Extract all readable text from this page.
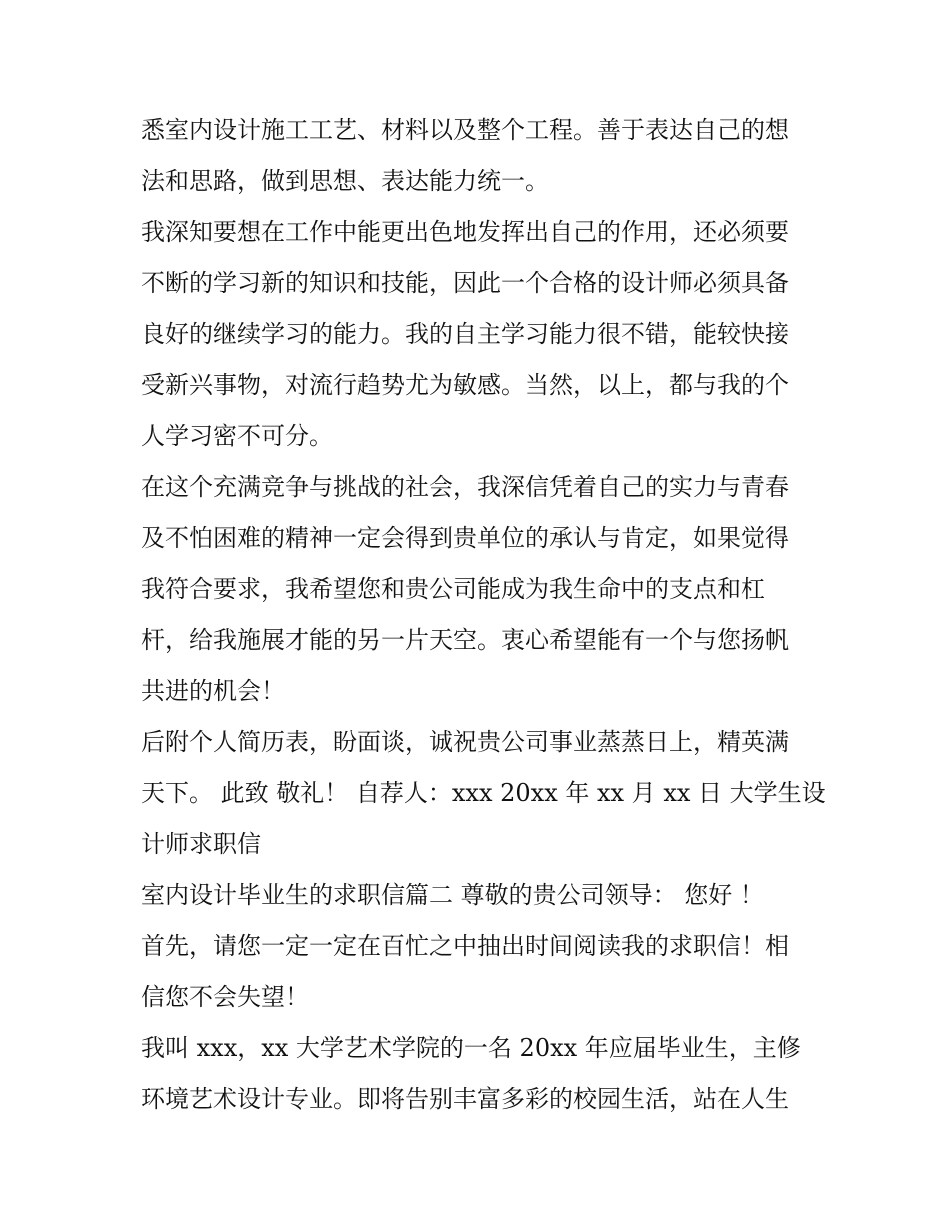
悉室内设计施工工艺、材料以及整个工程。善于表达自己的想
法和思路，做到思想、表达能力统一。
我深知要想在工作中能更出色地发挥出自己的作用，还必须要
不断的学习新的知识和技能，因此一个合格的设计师必须具备
良好的继续学习的能力。我的自主学习能力很不错，能较快接
受新兴事物，对流行趋势尤为敏感。当然，以上，都与我的个
人学习密不可分。
在这个充满竞争与挑战的社会，我深信凭着自己的实力与青春
及不怕困难的精神一定会得到贵单位的承认与肯定，如果觉得
我符合要求，我希望您和贵公司能成为我生命中的支点和杠
杆，给我施展才能的另一片天空。衷心希望能有一个与您扬帆
共进的机会！
后附个人简历表，盼面谈，诚祝贵公司事业蒸蒸日上，精英满
天下。 此致 敬礼！ 自荐人：xxx 20xx 年 xx 月 xx 日 大学生设
计师求职信
室内设计毕业生的求职信篇二 尊敬的贵公司领导： 您好 ！
首先，请您一定一定在百忙之中抽出时间阅读我的求职信！相
信您不会失望！
我叫 xxx，xx 大学艺术学院的一名 20xx 年应届毕业生，主修
环境艺术设计专业。即将告别丰富多彩的校园生活，站在人生
